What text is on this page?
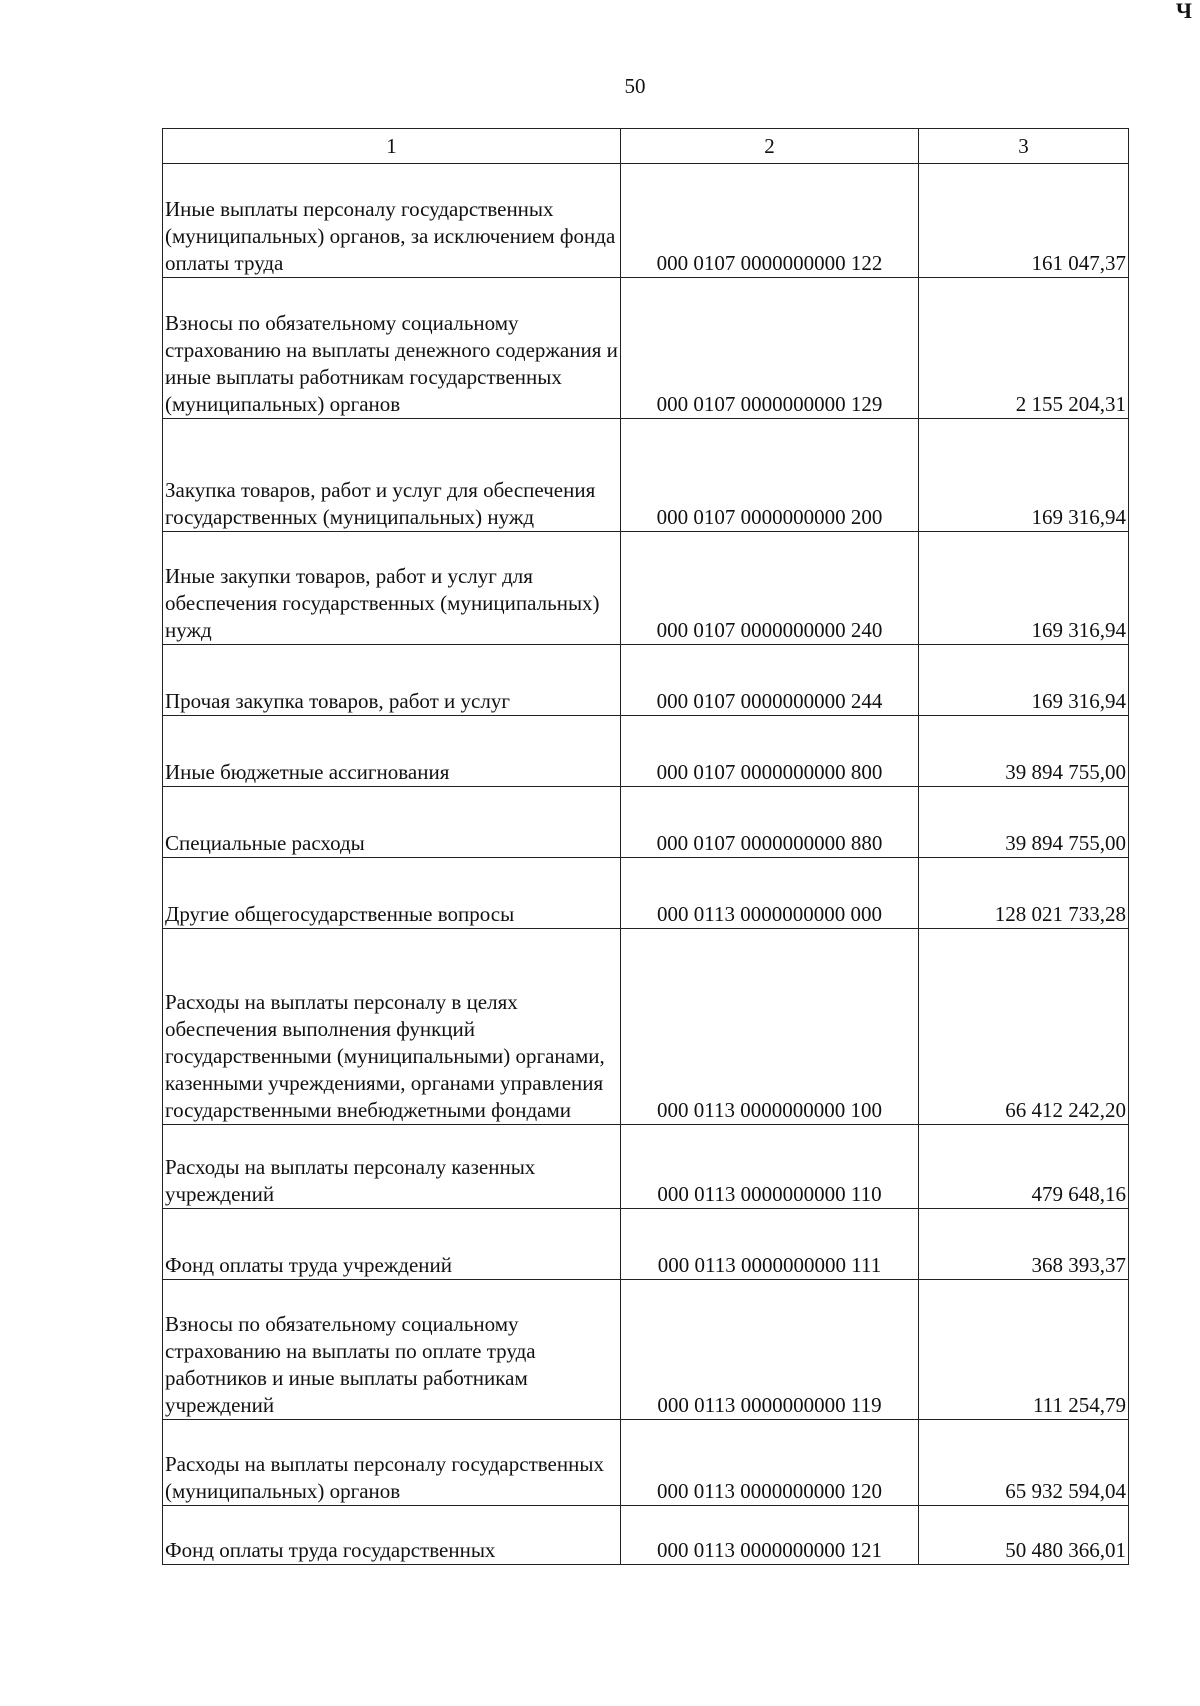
50
Ч
1	2	3
Иные выплаты персоналу государственных (муниципальных) органов, за исключением фонда оплаты труда	000 0107 0000000000 122	161 047,37
Взносы по обязательному социальному страхованию на выплаты денежного содержания и иные выплаты работникам государственных (муниципальных) органов	000 0107 0000000000 129	2 155 204,31
Закупка товаров, работ и услуг для обеспечения государственных (муниципальных) нужд	000 0107 0000000000 200	169 316,94
Иные закупки товаров, работ и услуг для обеспечения государственных (муниципальных) нужд	000 0107 0000000000 240	169 316,94
Прочая закупка товаров, работ и услуг	000 0107 0000000000 244	169 316,94
Иные бюджетные ассигнования	000 0107 0000000000 800	39 894 755,00
Специальные расходы	000 0107 0000000000 880	39 894 755,00
Другие общегосударственные вопросы	000 0113 0000000000 000	128 021 733,28
Расходы на выплаты персоналу в целях обеспечения выполнения функций государственными (муниципальными) органами, казенными учреждениями, органами управления государственными внебюджетными фондами	000 0113 0000000000 100	66 412 242,20
Расходы на выплаты персоналу казенных учреждений	000 0113 0000000000 110	479 648,16
Фонд оплаты труда учреждений	000 0113 0000000000 111	368 393,37
Взносы по обязательному социальному страхованию на выплаты по оплате труда работников и иные выплаты работникам учреждений	000 0113 0000000000 119	111 254,79
Расходы на выплаты персоналу государственных (муниципальных) органов	000 0113 0000000000 120	65 932 594,04
Фонд оплаты труда государственных	000 0113 0000000000 121	50 480 366,01
